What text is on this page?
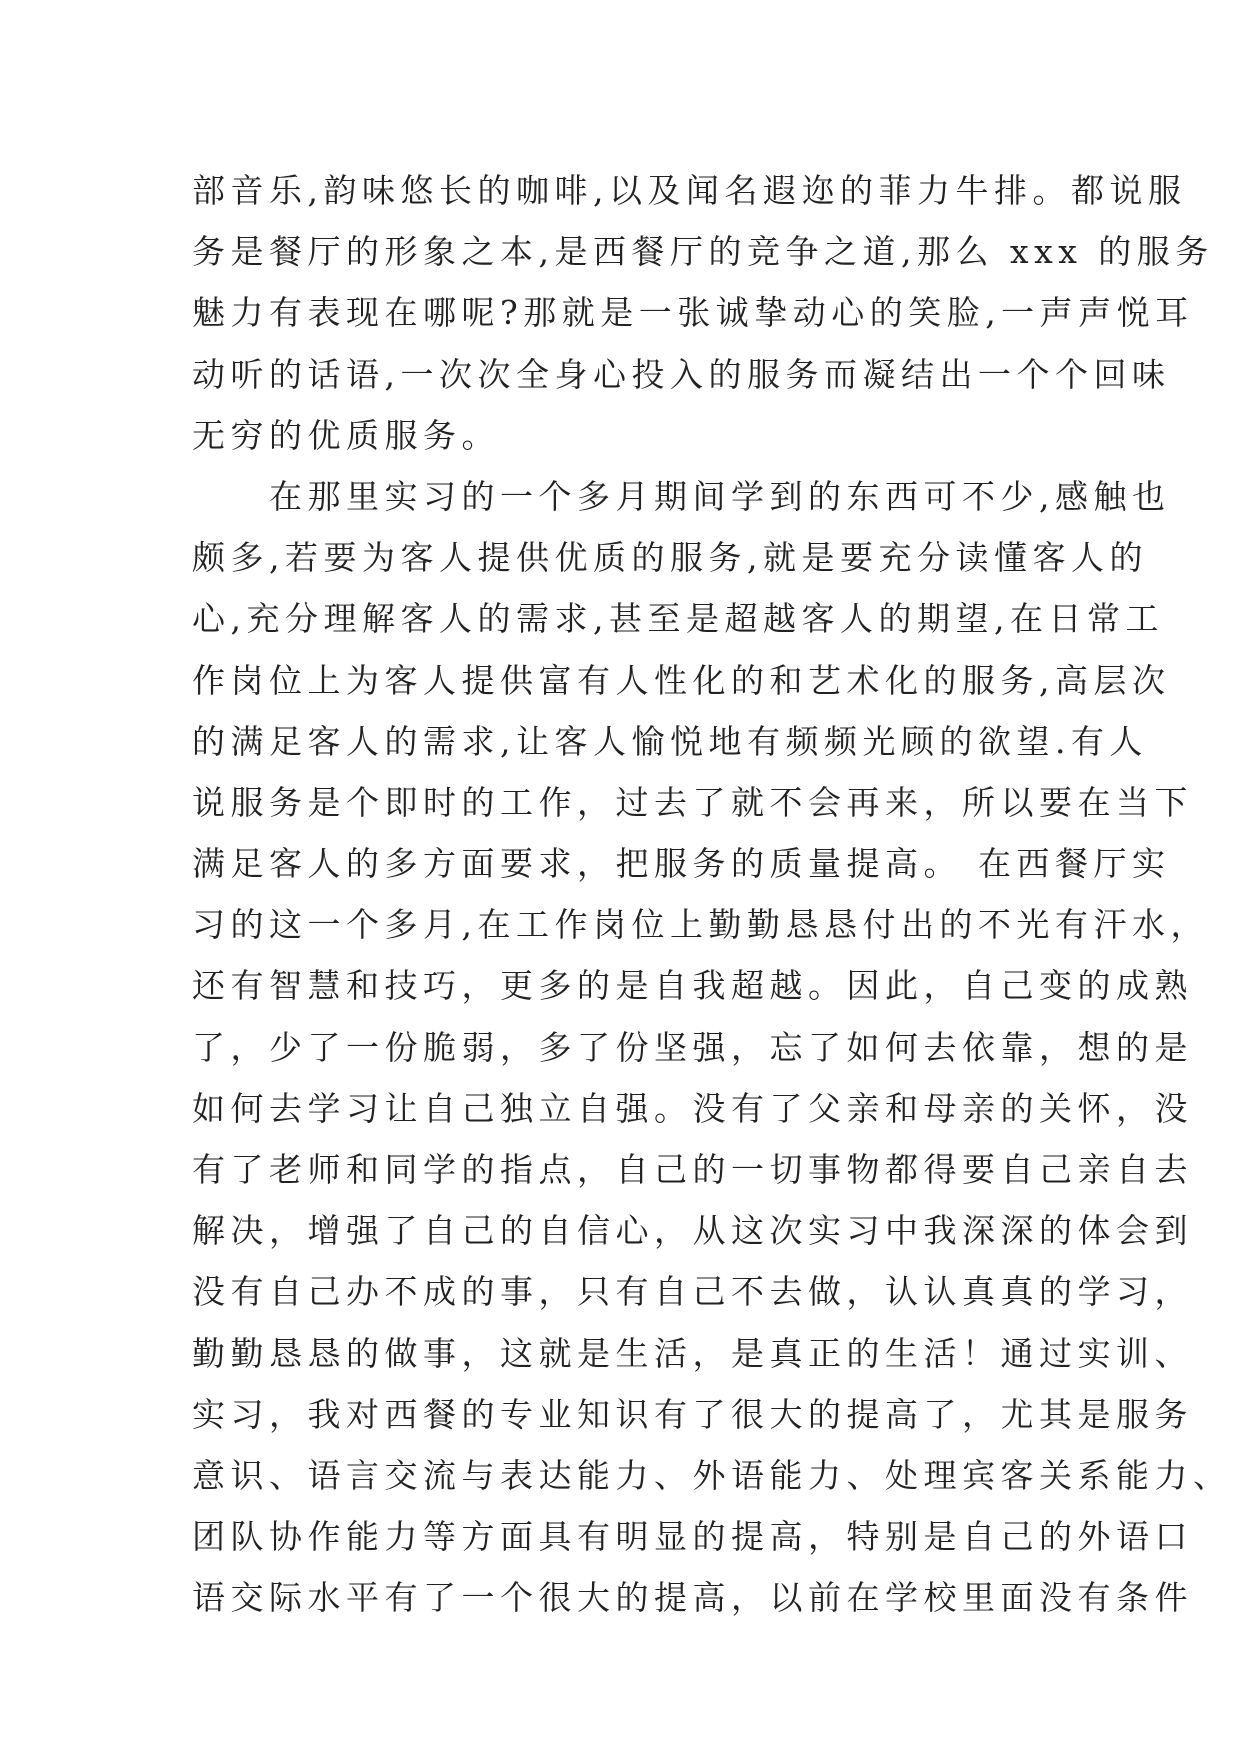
部音乐,韵味悠长的咖啡,以及闻名遐迩的菲力牛排。都说服
务是餐厅的形象之本,是西餐厅的竞争之道,那么 xxx 的服务
魅力有表现在哪呢?那就是一张诚挚动心的笑脸,一声声悦耳
动听的话语,一次次全身心投入的服务而凝结出一个个回味
无穷的优质服务。
　　在那里实习的一个多月期间学到的东西可不少,感触也
颇多,若要为客人提供优质的服务,就是要充分读懂客人的
心,充分理解客人的需求,甚至是超越客人的期望,在日常工
作岗位上为客人提供富有人性化的和艺术化的服务,高层次
的满足客人的需求,让客人愉悦地有频频光顾的欲望.有人
说服务是个即时的工作，过去了就不会再来，所以要在当下
满足客人的多方面要求，把服务的质量提高。 在西餐厅实
习的这一个多月,在工作岗位上勤勤恳恳付出的不光有汗水，
还有智慧和技巧，更多的是自我超越。因此，自己变的成熟
了，少了一份脆弱，多了份坚强，忘了如何去依靠，想的是
如何去学习让自己独立自强。没有了父亲和母亲的关怀，没
有了老师和同学的指点，自己的一切事物都得要自己亲自去
解决，增强了自己的自信心，从这次实习中我深深的体会到
没有自己办不成的事，只有自己不去做，认认真真的学习，
勤勤恳恳的做事，这就是生活，是真正的生活！通过实训、
实习，我对西餐的专业知识有了很大的提高了，尤其是服务
意识、语言交流与表达能力、外语能力、处理宾客关系能力、
团队协作能力等方面具有明显的提高，特别是自己的外语口
语交际水平有了一个很大的提高，以前在学校里面没有条件
